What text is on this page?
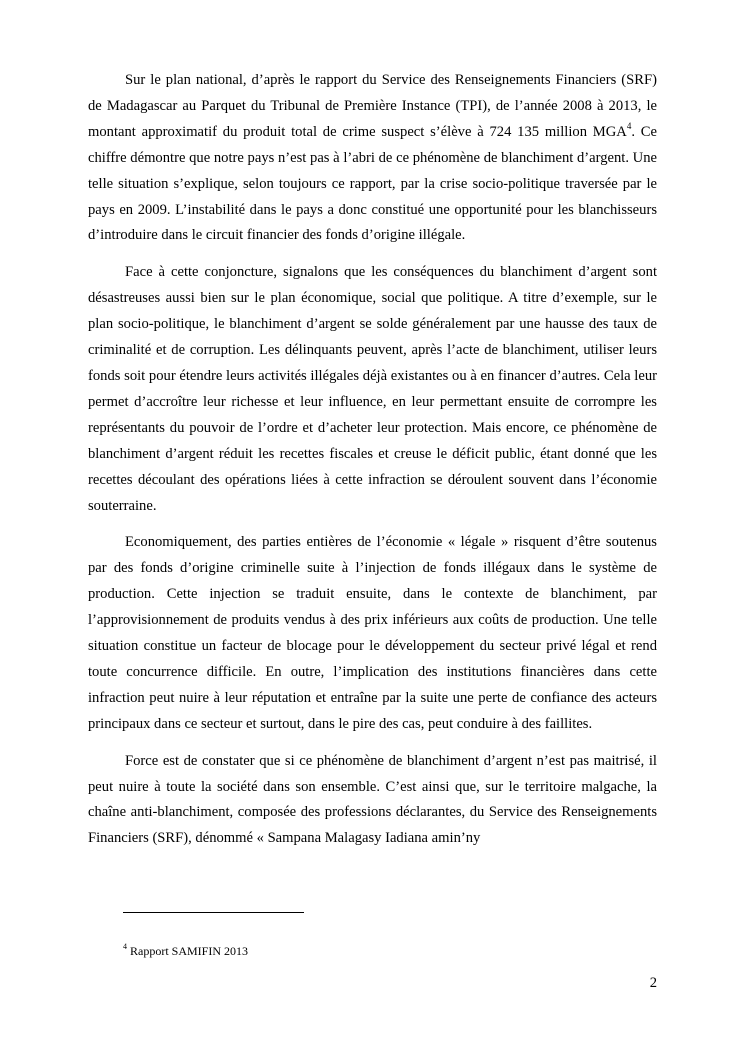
Sur le plan national, d’après le rapport du Service des Renseignements Financiers (SRF) de Madagascar au Parquet du Tribunal de Première Instance (TPI), de l’année 2008 à 2013, le montant approximatif du produit total de crime suspect s’élève à 724 135 million MGA$^4$. Ce chiffre démontre que notre pays n’est pas à l’abri de ce phénomène de blanchiment d’argent. Une telle situation s’explique, selon toujours ce rapport, par la crise socio-politique traversée par le pays en 2009. L’instabilité dans le pays a donc constitué une opportunité pour les blanchisseurs d’introduire dans le circuit financier des fonds d’origine illégale.

Face à cette conjoncture, signalons que les conséquences du blanchiment d’argent sont désastreuses aussi bien sur le plan économique, social que politique. A titre d’exemple, sur le plan socio-politique, le blanchiment d’argent se solde généralement par une hausse des taux de criminalité et de corruption. Les délinquants peuvent, après l’acte de blanchiment, utiliser leurs fonds soit pour étendre leurs activités illégales déjà existantes ou à en financer d’autres. Cela leur permet d’accroître leur richesse et leur influence, en leur permettant ensuite de corrompre les représentants du pouvoir de l’ordre et d’acheter leur protection. Mais encore, ce phénomène de blanchiment d’argent réduit les recettes fiscales et creuse le déficit public, étant donné que les recettes découlant des opérations liées à cette infraction se déroulent souvent dans l’économie souterraine.

Economiquement, des parties entières de l’économie « légale » risquent d’être soutenus par des fonds d’origine criminelle suite à l’injection de fonds illégaux dans le système de production. Cette injection se traduit ensuite, dans le contexte de blanchiment, par l’approvisionnement de produits vendus à des prix inférieurs aux coûts de production. Une telle situation constitue un facteur de blocage pour le développement du secteur privé légal et rend toute concurrence difficile. En outre, l’implication des institutions financières dans cette infraction peut nuire à leur réputation et entraîne par la suite une perte de confiance des acteurs principaux dans ce secteur et surtout, dans le pire des cas, peut conduire à des faillites.

Force est de constater que si ce phénomène de blanchiment d’argent n’est pas maitrisé, il peut nuire à toute la société dans son ensemble. C’est ainsi que, sur le territoire malgache, la chaîne anti-blanchiment, composée des professions déclarantes, du Service des Renseignements Financiers (SRF), dénommé « Sampana Malagasy Iadiana amin’ny

$^4$ Rapport SAMIFIN 2013
2
